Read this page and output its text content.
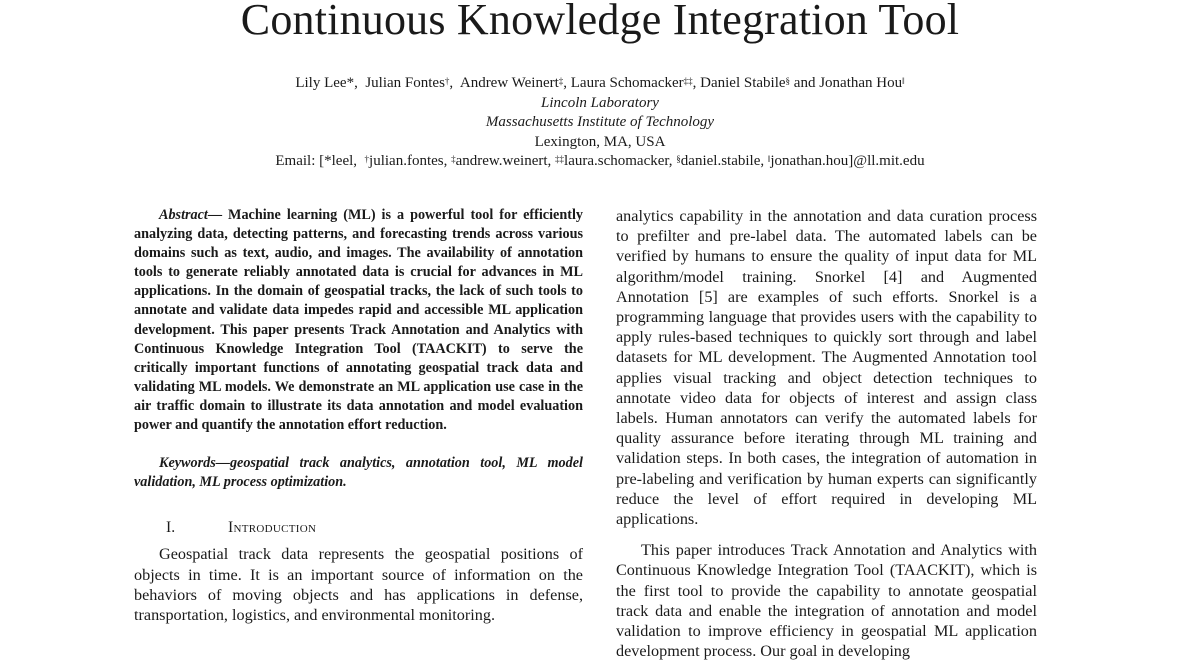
Continuous Knowledge Integration Tool
Lily Lee*,  Julian Fontes†,  Andrew Weinert‡, Laura Schomacker‡‡, Daniel Stabile§ and Jonathan Hou‖
Lincoln Laboratory
Massachusetts Institute of Technology
Lexington, MA, USA
Email: [*leel, †julian.fontes, ‡andrew.weinert, ‡‡laura.schomacker, §daniel.stabile, ‖jonathan.hou]@ll.mit.edu

Abstract— Machine learning (ML) is a powerful tool for efficiently analyzing data, detecting patterns, and forecasting trends across various domains such as text, audio, and images. The availability of annotation tools to generate reliably annotated data is crucial for advances in ML applications. In the domain of geospatial tracks, the lack of such tools to annotate and validate data impedes rapid and accessible ML application development. This paper presents Track Annotation and Analytics with Continuous Knowledge Integration Tool (TAACKIT) to serve the critically important functions of annotating geospatial track data and validating ML models. We demonstrate an ML application use case in the air traffic domain to illustrate its data annotation and model evaluation power and quantify the annotation effort reduction.

Keywords—geospatial track analytics, annotation tool, ML model validation, ML process optimization.

I.	Introduction

Geospatial track data represents the geospatial positions of objects in time. It is an important source of information on the behaviors of moving objects and has applications in defense, transportation, logistics, and environmental monitoring.

analytics capability in the annotation and data curation process to prefilter and pre-label data. The automated labels can be verified by humans to ensure the quality of input data for ML algorithm/model training. Snorkel [4] and Augmented Annotation [5] are examples of such efforts. Snorkel is a programming language that provides users with the capability to apply rules-based techniques to quickly sort through and label datasets for ML development. The Augmented Annotation tool applies visual tracking and object detection techniques to annotate video data for objects of interest and assign class labels. Human annotators can verify the automated labels for quality assurance before iterating through ML training and validation steps. In both cases, the integration of automation in pre-labeling and verification by human experts can significantly reduce the level of effort required in developing ML applications.

This paper introduces Track Annotation and Analytics with Continuous Knowledge Integration Tool (TAACKIT), which is the first tool to provide the capability to annotate geospatial track data and enable the integration of annotation and model validation to improve efficiency in geospatial ML application development process. Our goal in developing
